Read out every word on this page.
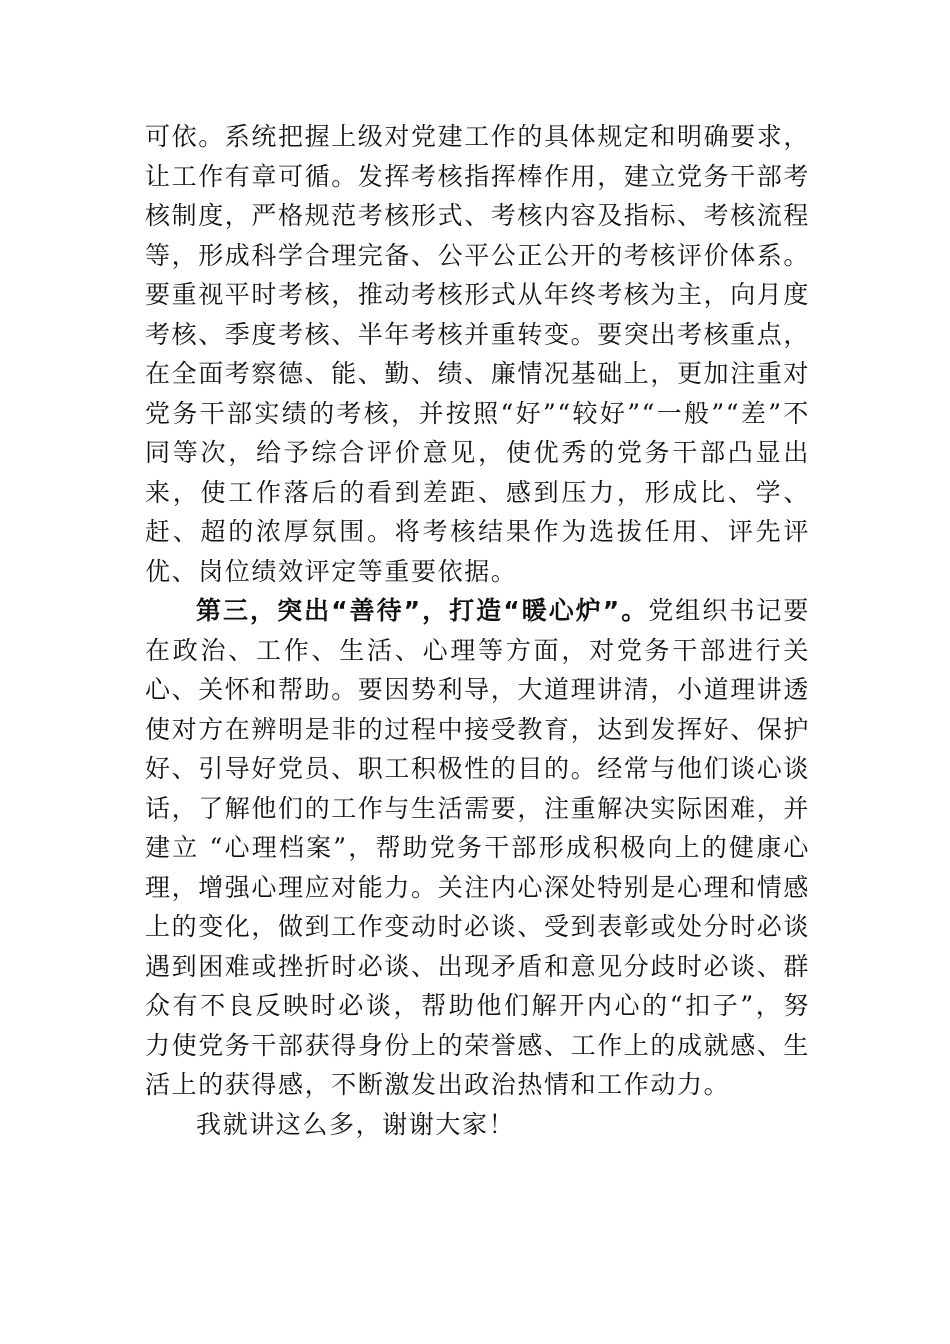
可依。系统把握上级对党建工作的具体规定和明确要求，让工作有章可循。发挥考核指挥棒作用，建立党务干部考核制度，严格规范考核形式、考核内容及指标、考核流程等，形成科学合理完备、公平公正公开的考核评价体系。要重视平时考核，推动考核形式从年终考核为主，向月度考核、季度考核、半年考核并重转变。要突出考核重点，在全面考察德、能、勤、绩、廉情况基础上，更加注重对党务干部实绩的考核，并按照“好”“较好”“一般”“差”不同等次，给予综合评价意见，使优秀的党务干部凸显出来，使工作落后的看到差距、感到压力，形成比、学、赶、超的浓厚氛围。将考核结果作为选拔任用、评先评优、岗位绩效评定等重要依据。

第三，突出“善待”，打造“暖心炉”。党组织书记要在政治、工作、生活、心理等方面，对党务干部进行关心、关怀和帮助。要因势利导，大道理讲清，小道理讲透使对方在辨明是非的过程中接受教育，达到发挥好、保护好、引导好党员、职工积极性的目的。经常与他们谈心谈话，了解他们的工作与生活需要，注重解决实际困难，并建立 “心理档案”，帮助党务干部形成积极向上的健康心理，增强心理应对能力。关注内心深处特别是心理和情感上的变化，做到工作变动时必谈、受到表彰或处分时必谈遇到困难或挫折时必谈、出现矛盾和意见分歧时必谈、群众有不良反映时必谈，帮助他们解开内心的“扣子”，努力使党务干部获得身份上的荣誉感、工作上的成就感、生活上的获得感，不断激发出政治热情和工作动力。

我就讲这么多，谢谢大家！
